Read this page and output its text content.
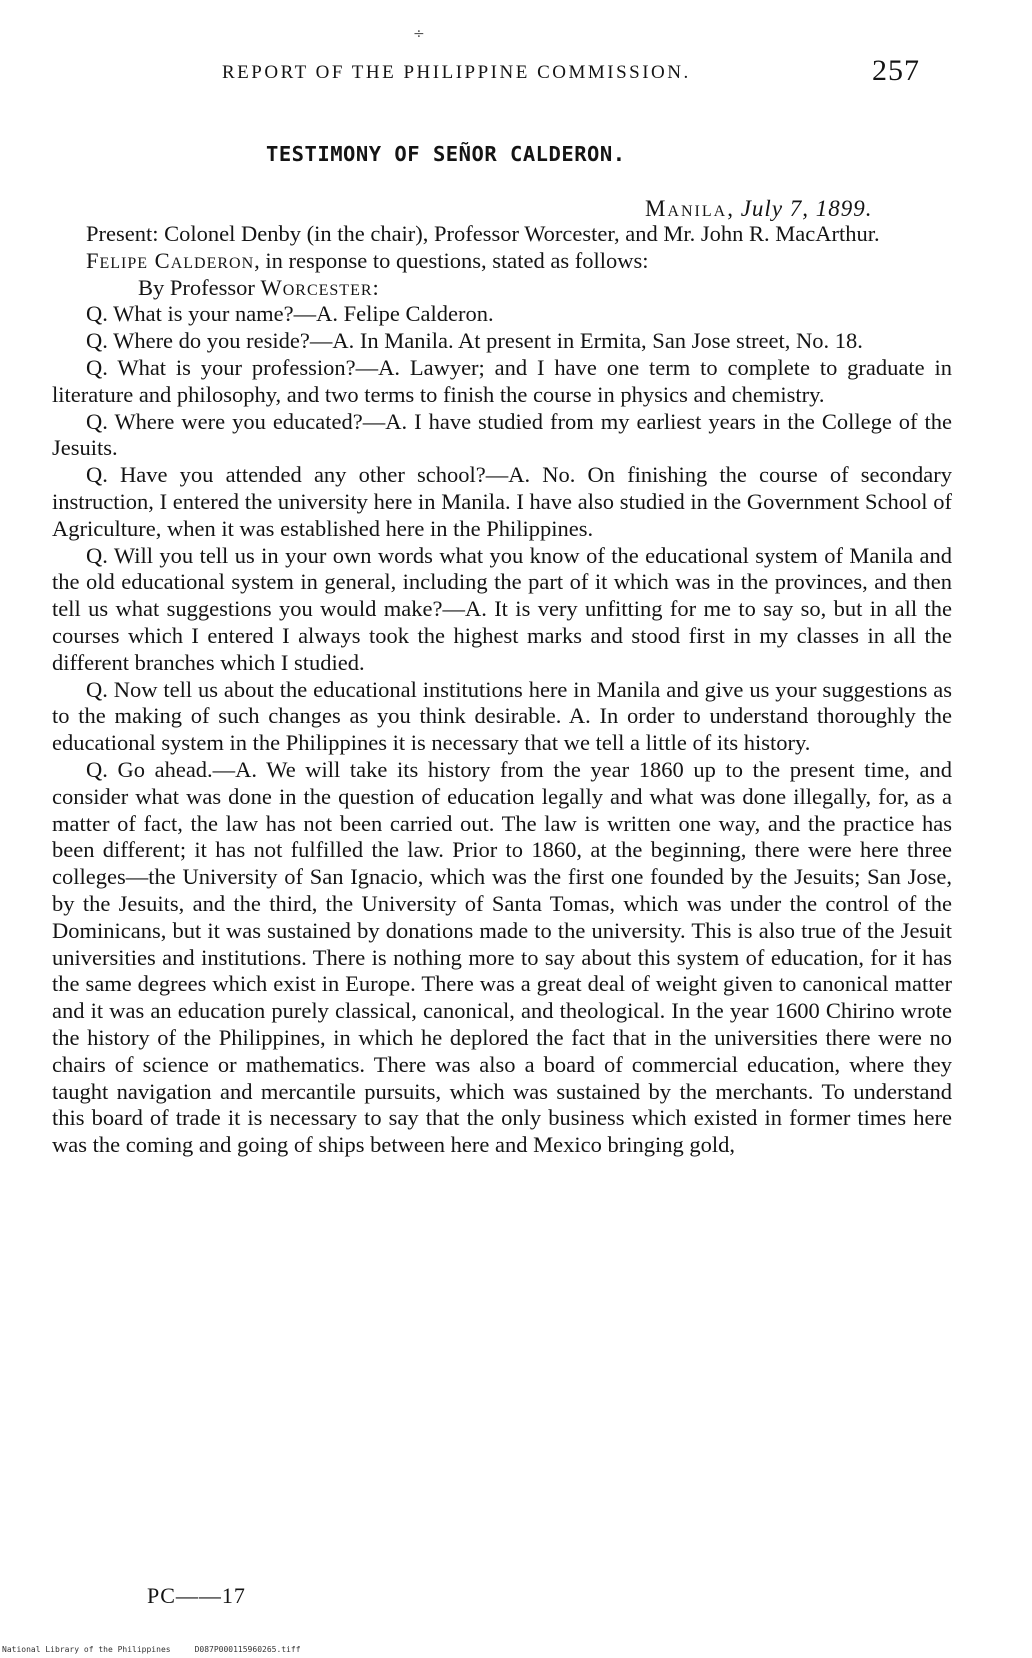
÷
REPORT OF THE PHILIPPINE COMMISSION.	257
TESTIMONY OF SEÑOR CALDERON.
Manila, July 7, 1899.

Present: Colonel Denby (in the chair), Professor Worcester, and Mr. John R. MacArthur.

Felipe Calderon, in response to questions, stated as follows:

By Professor Worcester:

Q. What is your name?—A. Felipe Calderon.

Q. Where do you reside?—A. In Manila. At present in Ermita, San Jose street, No. 18.

Q. What is your profession?—A. Lawyer; and I have one term to complete to graduate in literature and philosophy, and two terms to finish the course in physics and chemistry.

Q. Where were you educated?—A. I have studied from my earliest years in the College of the Jesuits.

Q. Have you attended any other school?—A. No. On finishing the course of secondary instruction, I entered the university here in Manila. I have also studied in the Government School of Agriculture, when it was established here in the Philippines.

Q. Will you tell us in your own words what you know of the educational system of Manila and the old educational system in general, including the part of it which was in the provinces, and then tell us what suggestions you would make?—A. It is very unfitting for me to say so, but in all the courses which I entered I always took the highest marks and stood first in my classes in all the different branches which I studied.

Q. Now tell us about the educational institutions here in Manila and give us your suggestions as to the making of such changes as you think desirable. A. In order to understand thoroughly the educational system in the Philippines it is necessary that we tell a little of its history.

Q. Go ahead.—A. We will take its history from the year 1860 up to the present time, and consider what was done in the question of education legally and what was done illegally, for, as a matter of fact, the law has not been carried out. The law is written one way, and the practice has been different; it has not fulfilled the law. Prior to 1860, at the beginning, there were here three colleges—the University of San Ignacio, which was the first one founded by the Jesuits; San Jose, by the Jesuits, and the third, the University of Santa Tomas, which was under the control of the Dominicans, but it was sustained by donations made to the university. This is also true of the Jesuit universities and institutions. There is nothing more to say about this system of education, for it has the same degrees which exist in Europe. There was a great deal of weight given to canonical matter and it was an education purely classical, canonical, and theological. In the year 1600 Chirino wrote the history of the Philippines, in which he deplored the fact that in the universities there were no chairs of science or mathematics. There was also a board of commercial education, where they taught navigation and mercantile pursuits, which was sustained by the merchants. To understand this board of trade it is necessary to say that the only business which existed in former times here was the coming and going of ships between here and Mexico bringing gold,

PC——17
National Library of the Philippines	D087P000115960265.tiff
